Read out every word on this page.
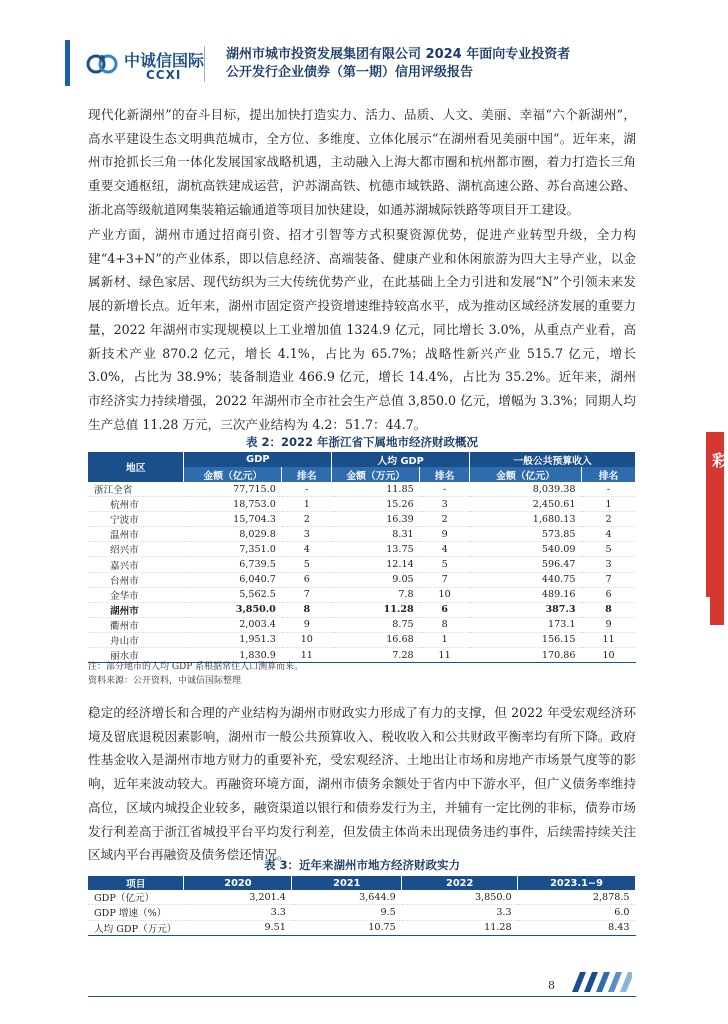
中诚信国际
CCXI
湖州市城市投资发展集团有限公司 2024 年面向专业投资者
公开发行企业债券（第一期）信用评级报告
现代化新湖州”的奋斗目标，提出加快打造实力、活力、品质、人文、美丽、幸福“六个新湖州”，高水平建设生态文明典范城市，全方位、多维度、立体化展示“在湖州看见美丽中国”。近年来，湖州市抢抓长三角一体化发展国家战略机遇，主动融入上海大都市圈和杭州都市圈，着力打造长三角重要交通枢纽，湖杭高铁建成运营，沪苏湖高铁、杭德市域铁路、湖杭高速公路、苏台高速公路、浙北高等级航道网集装箱运输通道等项目加快建设，如通苏湖城际铁路等项目开工建设。
产业方面，湖州市通过招商引资、招才引智等方式积聚资源优势，促进产业转型升级，全力构建“4+3+N”的产业体系，即以信息经济、高端装备、健康产业和休闲旅游为四大主导产业，以金属新材、绿色家居、现代纺织为三大传统优势产业，在此基础上全力引进和发展“N”个引领未来发展的新增长点。近年来，湖州市固定资产投资增速维持较高水平，成为推动区域经济发展的重要力量，2022 年湖州市实现规模以上工业增加值 1324.9 亿元，同比增长 3.0%，从重点产业看，高新技术产业 870.2 亿元，增长 4.1%，占比为 65.7%；战略性新兴产业 515.7 亿元，增长 3.0%，占比为 38.9%；装备制造业 466.9 亿元，增长 14.4%，占比为 35.2%。近年来，湖州市经济实力持续增强，2022 年湖州市全市社会生产总值 3,850.0 亿元，增幅为 3.3%；同期人均生产总值 11.28 万元，三次产业结构为 4.2：51.7：44.7。
表 2：2022 年浙江省下属地市经济财政概况
地区	GDP		人均 GDP		一般公共预算收入	
	金额（亿元）	排名	金额（万元）	排名	金额（亿元）	排名
浙江全省	77,715.0	-	11.85	-	8,039.38	-
杭州市	18,753.0	1	15.26	3	2,450.61	1
宁波市	15,704.3	2	16.39	2	1,680.13	2
温州市	8,029.8	3	8.31	9	573.85	4
绍兴市	7,351.0	4	13.75	4	540.09	5
嘉兴市	6,739.5	5	12.14	5	596.47	3
台州市	6,040.7	6	9.05	7	440.75	7
金华市	5,562.5	7	7.8	10	489.16	6
湖州市	3,850.0	8	11.28	6	387.3	8
衢州市	2,003.4	9	8.75	8	173.1	9
舟山市	1,951.3	10	16.68	1	156.15	11
丽水市	1,830.9	11	7.28	11	170.86	10
注：部分地市的人均 GDP 系根据常住人口测算而来。
资料来源：公开资料，中诚信国际整理
稳定的经济增长和合理的产业结构为湖州市财政实力形成了有力的支撑，但 2022 年受宏观经济环境及留底退税因素影响，湖州市一般公共预算收入、税收收入和公共财政平衡率均有所下降。政府性基金收入是湖州市地方财力的重要补充，受宏观经济、土地出让市场和房地产市场景气度等的影响，近年来波动较大。再融资环境方面，湖州市债务余额处于省内中下游水平，但广义债务率维持高位，区域内城投企业较多，融资渠道以银行和债券发行为主，并辅有一定比例的非标，债券市场发行利差高于浙江省城投平台平均发行利差，但发债主体尚未出现债务违约事件，后续需持续关注区域内平台再融资及债务偿还情况。
表 3：近年来湖州市地方经济财政实力
项目	2020	2021	2022	2023.1~9
GDP（亿元）	3,201.4	3,644.9	3,850.0	2,878.5
GDP 增速（%）	3.3	9.5	3.3	6.0
人均 GDP（万元）	9.51	10.75	11.28	8.43
8
彩
